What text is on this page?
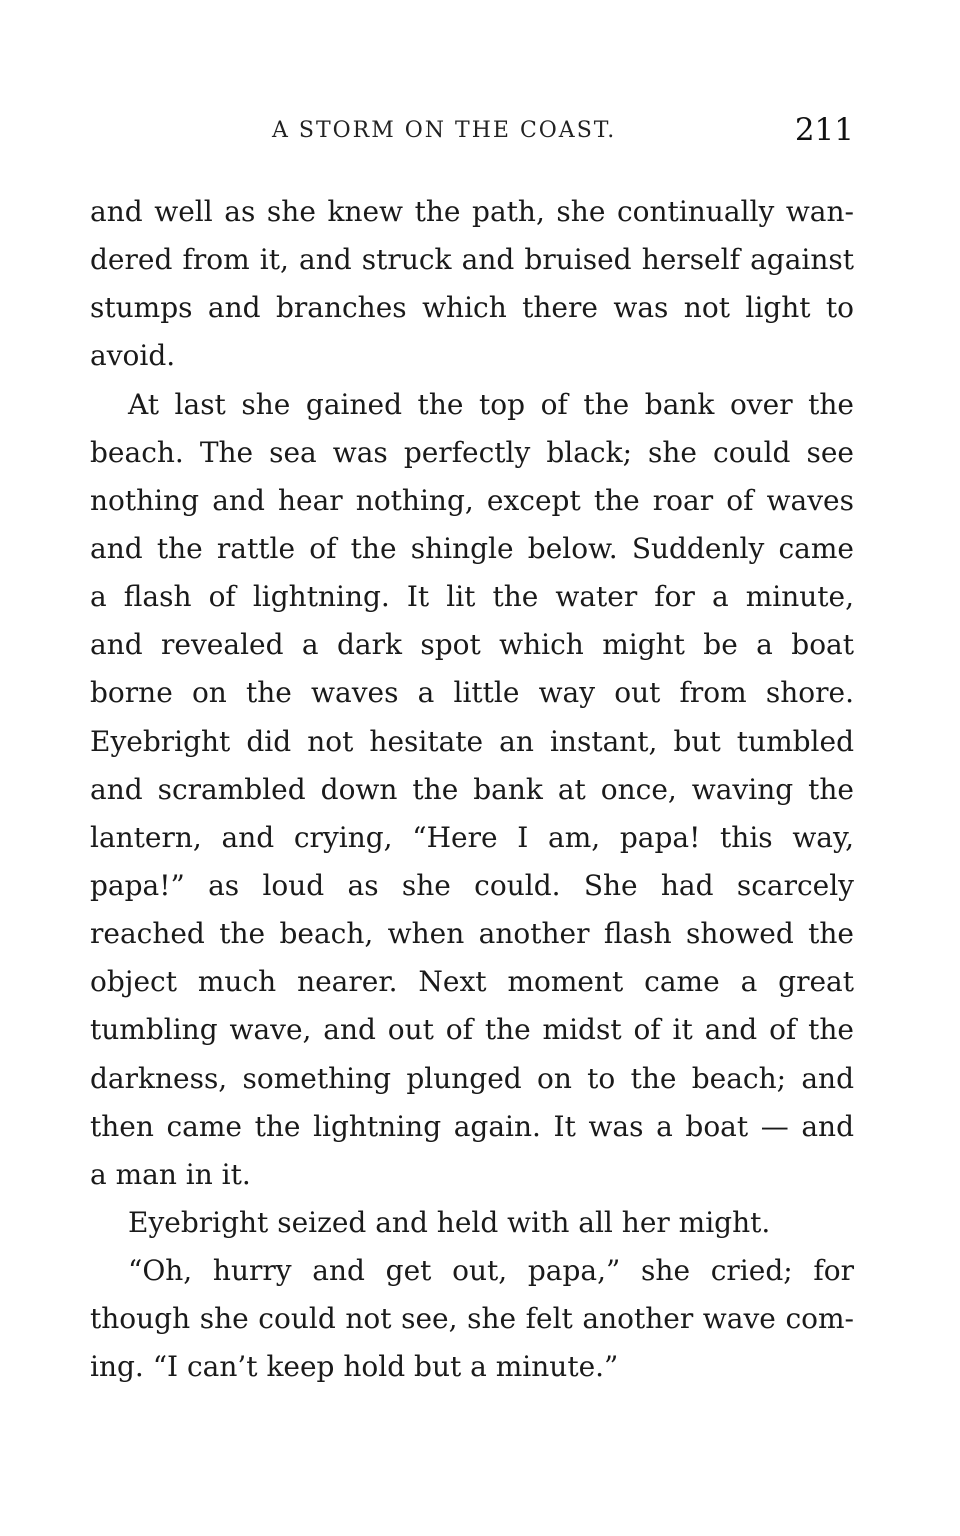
A STORM ON THE COAST.	211
and well as she knew the path, she continually wan-
dered from it, and struck and bruised herself against
stumps and branches which there was not light to
avoid.
At last she gained the top of the bank over the
beach. The sea was perfectly black; she could see
nothing and hear nothing, except the roar of waves
and the rattle of the shingle below. Suddenly came
a flash of lightning. It lit the water for a minute,
and revealed a dark spot which might be a boat
borne on the waves a little way out from shore.
Eyebright did not hesitate an instant, but tumbled
and scrambled down the bank at once, waving the
lantern, and crying, “Here I am, papa! this way,
papa!” as loud as she could. She had scarcely
reached the beach, when another flash showed the
object much nearer. Next moment came a great
tumbling wave, and out of the midst of it and of the
darkness, something plunged on to the beach; and
then came the lightning again. It was a boat — and
a man in it.
Eyebright seized and held with all her might.
“Oh, hurry and get out, papa,” she cried; for
though she could not see, she felt another wave com-
ing. “I can’t keep hold but a minute.”
